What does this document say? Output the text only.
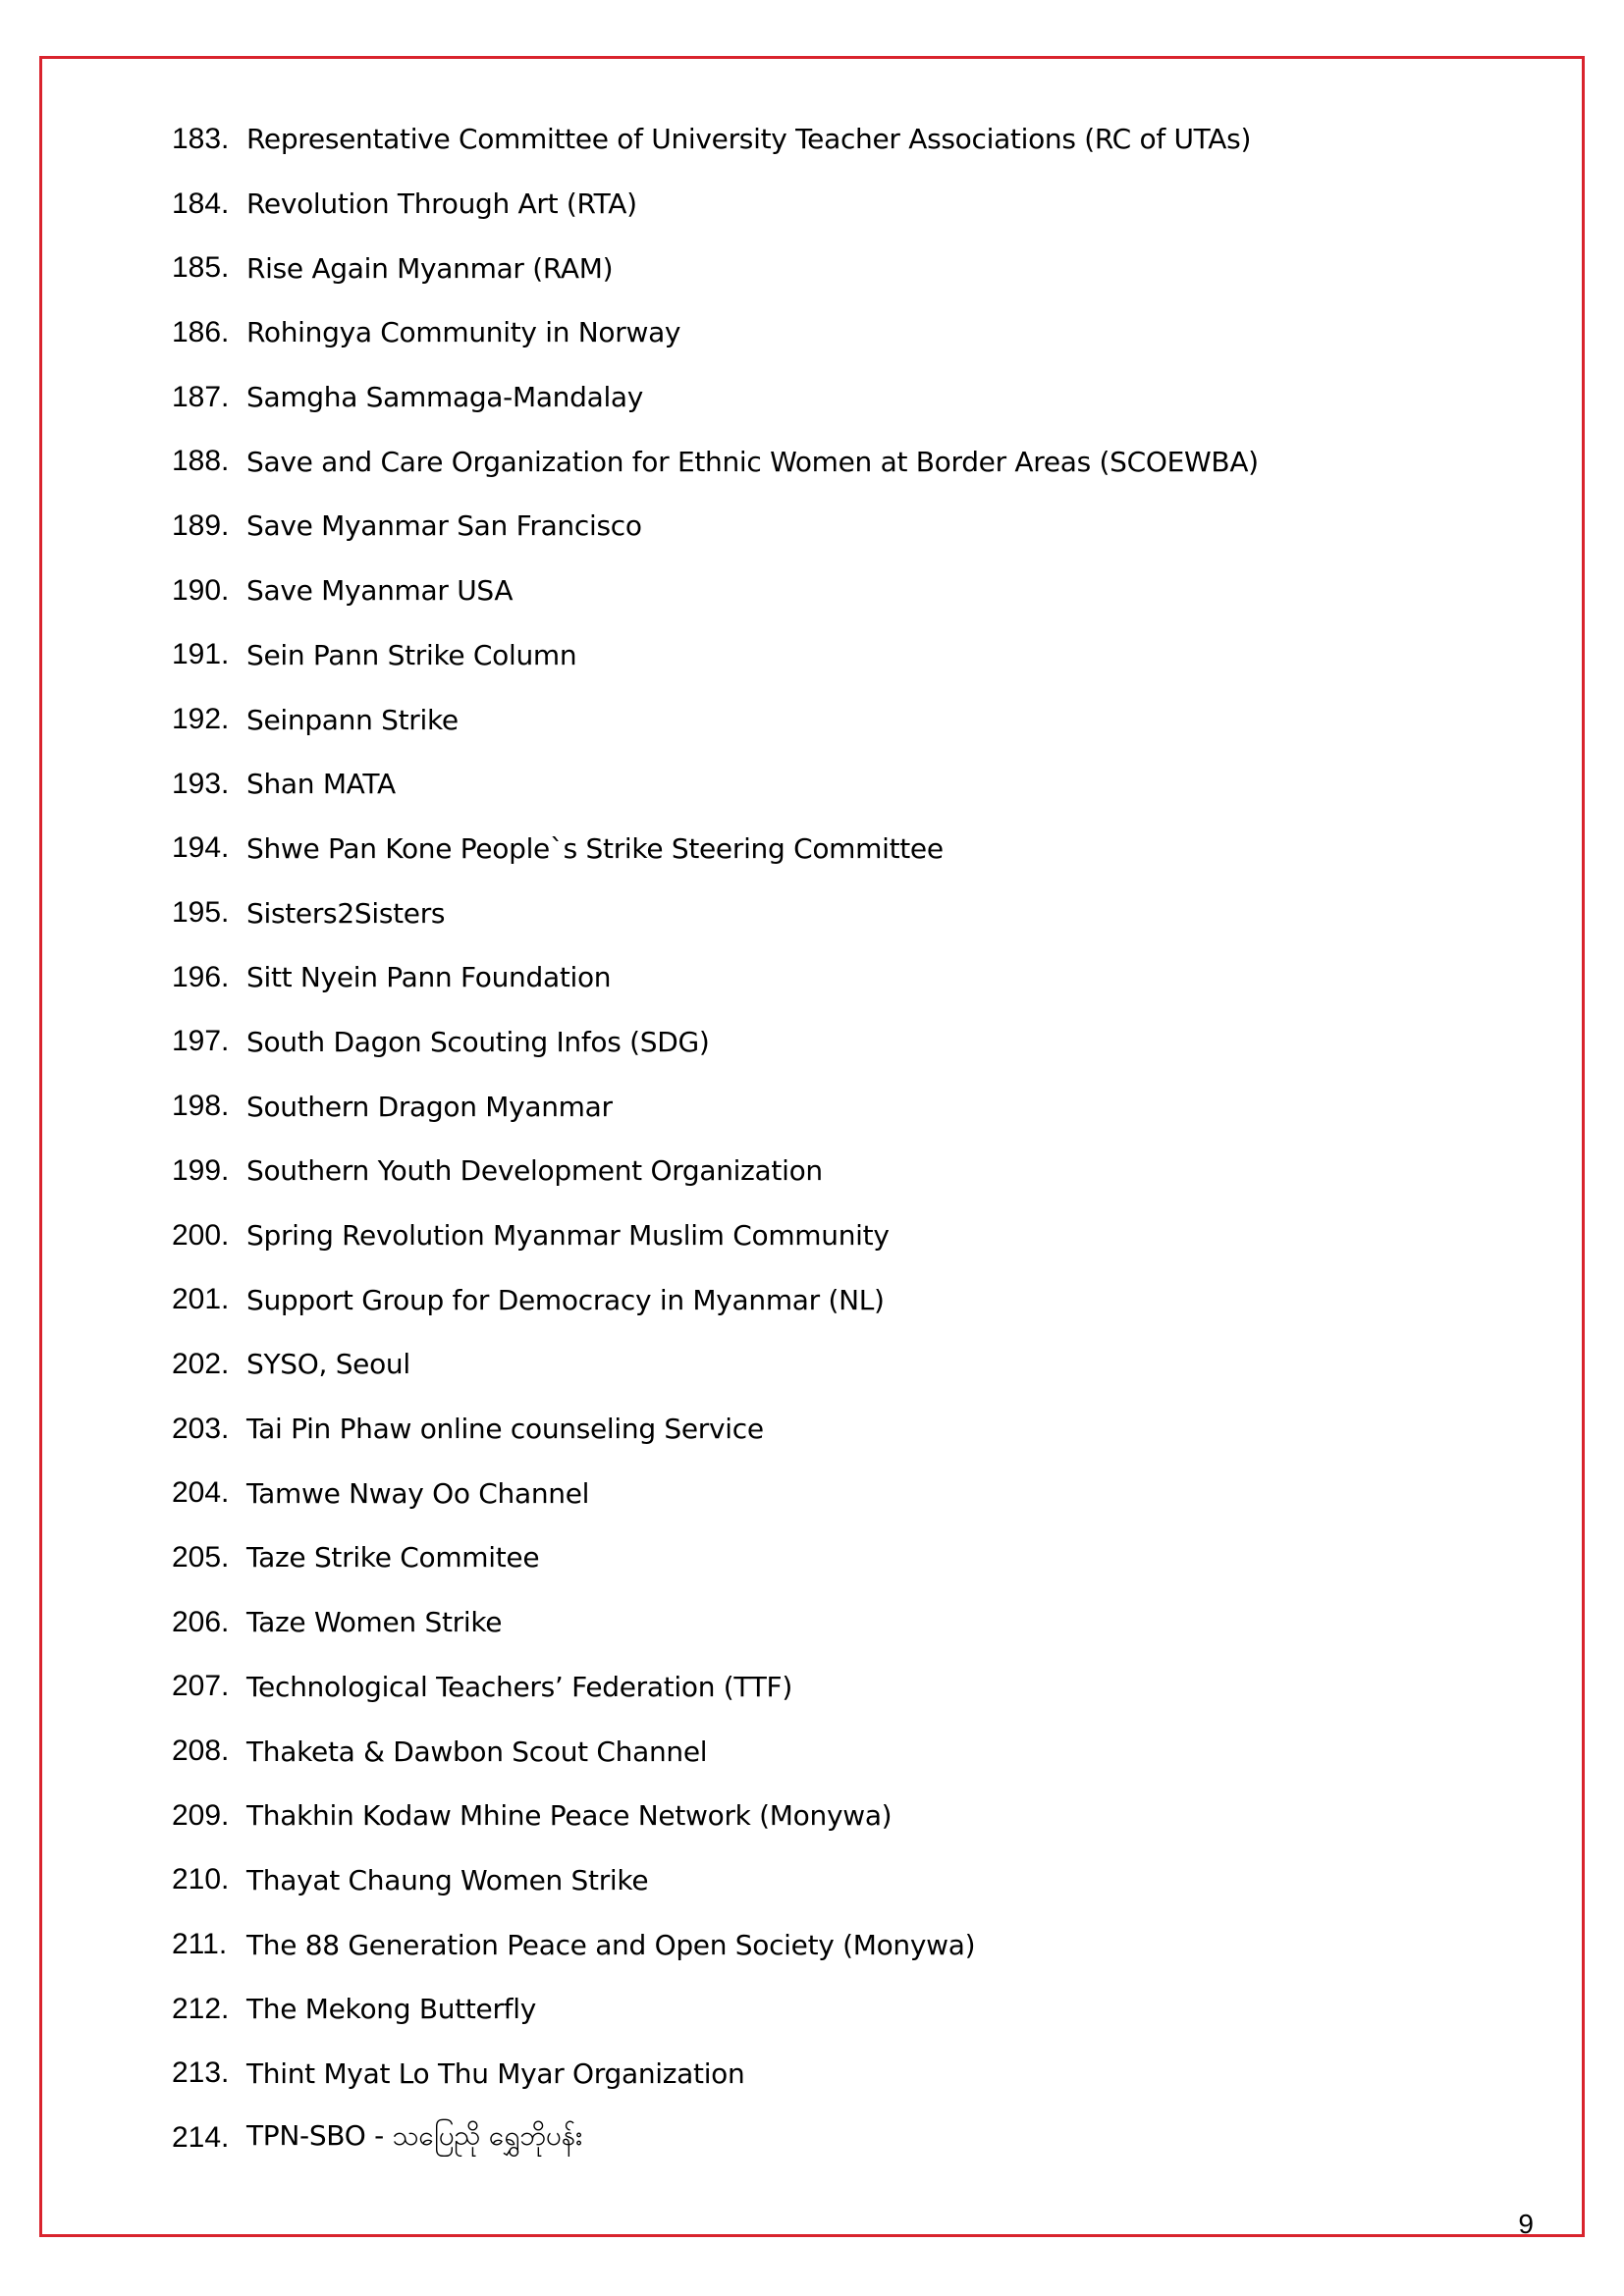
183. Representative Committee of University Teacher Associations (RC of UTAs)
184. Revolution Through Art (RTA)
185. Rise Again Myanmar (RAM)
186. Rohingya Community in Norway
187. Samgha Sammaga-Mandalay
188. Save and Care Organization for Ethnic Women at Border Areas (SCOEWBA)
189. Save Myanmar San Francisco
190. Save Myanmar USA
191. Sein Pann Strike Column
192. Seinpann Strike
193. Shan MATA
194. Shwe Pan Kone People`s Strike Steering Committee
195. Sisters2Sisters
196. Sitt Nyein Pann Foundation
197. South Dagon Scouting Infos (SDG)
198. Southern Dragon Myanmar
199. Southern Youth Development Organization
200. Spring Revolution Myanmar Muslim Community
201. Support Group for Democracy in Myanmar (NL)
202. SYSO, Seoul
203. Tai Pin Phaw online counseling Service
204. Tamwe Nway Oo Channel
205. Taze Strike Commitee
206. Taze Women Strike
207. Technological Teachers’ Federation (TTF)
208. Thaketa & Dawbon Scout Channel
209. Thakhin Kodaw Mhine Peace Network (Monywa)
210. Thayat Chaung Women Strike
211. The 88 Generation Peace and Open Society (Monywa)
212. The Mekong Butterfly
213. Thint Myat Lo Thu Myar Organization
214. TPN-SBO - သပြေညို ရွှေဘိုပန်း
9
